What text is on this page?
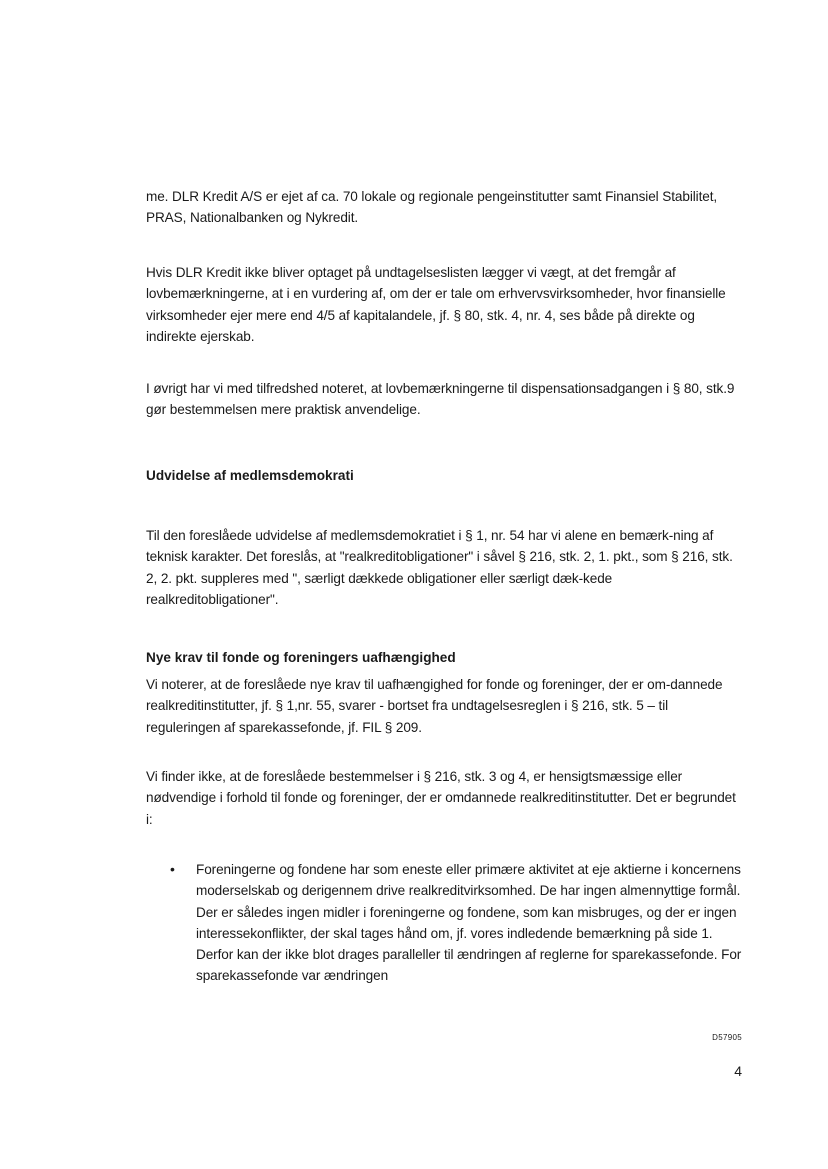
me. DLR Kredit A/S er ejet af ca. 70 lokale og regionale pengeinstitutter samt Finansiel Stabilitet, PRAS, Nationalbanken og Nykredit.

Hvis DLR Kredit ikke bliver optaget på undtagelseslisten lægger vi vægt, at det fremgår af lovbemærkningerne, at i en vurdering af, om der er tale om erhvervsvirksomheder, hvor finansielle virksomheder ejer mere end 4/5 af kapitalandele, jf. § 80, stk. 4, nr. 4, ses både på direkte og indirekte ejerskab.

I øvrigt har vi med tilfredshed noteret, at lovbemærkningerne til dispensationsadgangen i § 80, stk.9 gør bestemmelsen mere praktisk anvendelige.

Udvidelse af medlemsdemokrati

Til den foreslåede udvidelse af medlemsdemokratiet i § 1, nr. 54 har vi alene en bemærk-ning af teknisk karakter. Det foreslås, at "realkreditobligationer" i såvel § 216, stk. 2, 1. pkt., som § 216, stk. 2, 2. pkt. suppleres med ", særligt dækkede obligationer eller særligt dæk-kede realkreditobligationer".

Nye krav til fonde og foreningers uafhængighed

Vi noterer, at de foreslåede nye krav til uafhængighed for fonde og foreninger, der er om-dannede realkreditinstitutter, jf. § 1,nr. 55, svarer - bortset fra undtagelsesreglen i § 216, stk. 5 – til reguleringen af sparekassefonde, jf. FIL § 209.

Vi finder ikke, at de foreslåede bestemmelser i § 216, stk. 3 og 4, er hensigtsmæssige eller nødvendige i forhold til fonde og foreninger, der er omdannede realkreditinstitutter. Det er begrundet i:

• Foreningerne og fondene har som eneste eller primære aktivitet at eje aktierne i koncernens moderselskab og derigennem drive realkreditvirksomhed. De har ingen almennyttige formål. Der er således ingen midler i foreningerne og fondene, som kan misbruges, og der er ingen interessekonflikter, der skal tages hånd om, jf. vores indledende bemærkning på side 1. Derfor kan der ikke blot drages paralleller til ændringen af reglerne for sparekassefonde. For sparekassefonde var ændringen

D57905
4
